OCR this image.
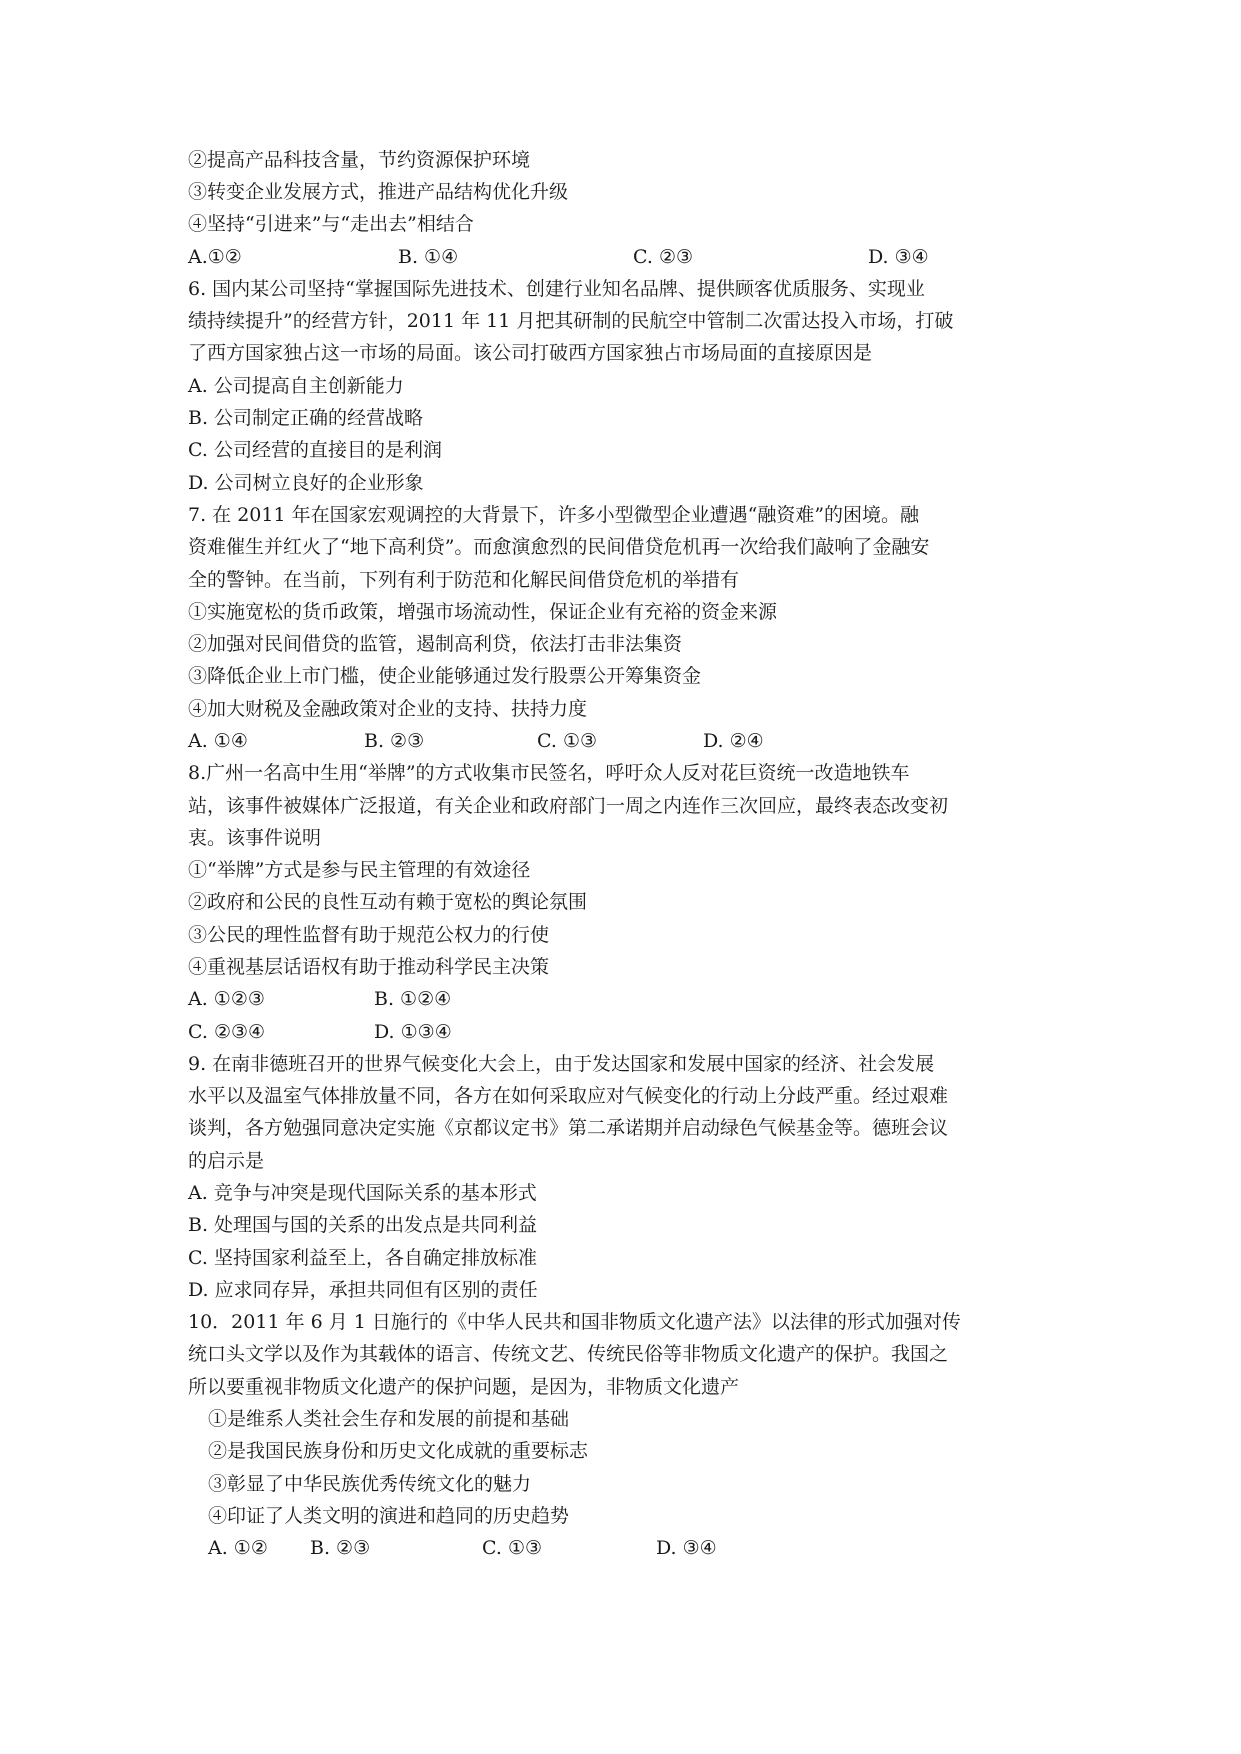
②提高产品科技含量，节约资源保护环境
③转变企业发展方式，推进产品结构优化升级
④坚持“引进来”与“走出去”相结合
A.①②	B. ①④	C. ②③	D. ③④
6. 国内某公司坚持“掌握国际先进技术、创建行业知名品牌、提供顾客优质服务、实现业
绩持续提升”的经营方针，2011 年 11 月把其研制的民航空中管制二次雷达投入市场，打破
了西方国家独占这一市场的局面。该公司打破西方国家独占市场局面的直接原因是
A. 公司提高自主创新能力
B. 公司制定正确的经营战略
C. 公司经营的直接目的是利润
D. 公司树立良好的企业形象
7. 在 2011 年在国家宏观调控的大背景下，许多小型微型企业遭遇“融资难”的困境。融
资难催生并红火了“地下高利贷”。而愈演愈烈的民间借贷危机再一次给我们敲响了金融安
全的警钟。在当前，下列有利于防范和化解民间借贷危机的举措有
①实施宽松的货币政策，增强市场流动性，保证企业有充裕的资金来源
②加强对民间借贷的监管，遏制高利贷，依法打击非法集资
③降低企业上市门槛，使企业能够通过发行股票公开筹集资金
④加大财税及金融政策对企业的支持、扶持力度
A. ①④	B. ②③	C. ①③	D. ②④
8.广州一名高中生用“举牌”的方式收集市民签名，呼吁众人反对花巨资统一改造地铁车
站，该事件被媒体广泛报道，有关企业和政府部门一周之内连作三次回应，最终表态改变初
衷。该事件说明
①“举牌”方式是参与民主管理的有效途径
②政府和公民的良性互动有赖于宽松的舆论氛围
③公民的理性监督有助于规范公权力的行使
④重视基层话语权有助于推动科学民主决策
A. ①②③	B. ①②④
C. ②③④	D. ①③④
9. 在南非德班召开的世界气候变化大会上，由于发达国家和发展中国家的经济、社会发展
水平以及温室气体排放量不同，各方在如何采取应对气候变化的行动上分歧严重。经过艰难
谈判，各方勉强同意决定实施《京都议定书》第二承诺期并启动绿色气候基金等。德班会议
的启示是
A. 竞争与冲突是现代国际关系的基本形式
B. 处理国与国的关系的出发点是共同利益
C. 坚持国家利益至上，各自确定排放标准
D. 应求同存异，承担共同但有区别的责任
10．2011 年 6 月 1 日施行的《中华人民共和国非物质文化遗产法》以法律的形式加强对传
统口头文学以及作为其载体的语言、传统文艺、传统民俗等非物质文化遗产的保护。我国之
所以要重视非物质文化遗产的保护问题，是因为，非物质文化遗产
①是维系人类社会生存和发展的前提和基础
②是我国民族身份和历史文化成就的重要标志
③彰显了中华民族优秀传统文化的魅力
④印证了人类文明的演进和趋同的历史趋势
A. ①② B. ②③	C. ①③	D. ③④
